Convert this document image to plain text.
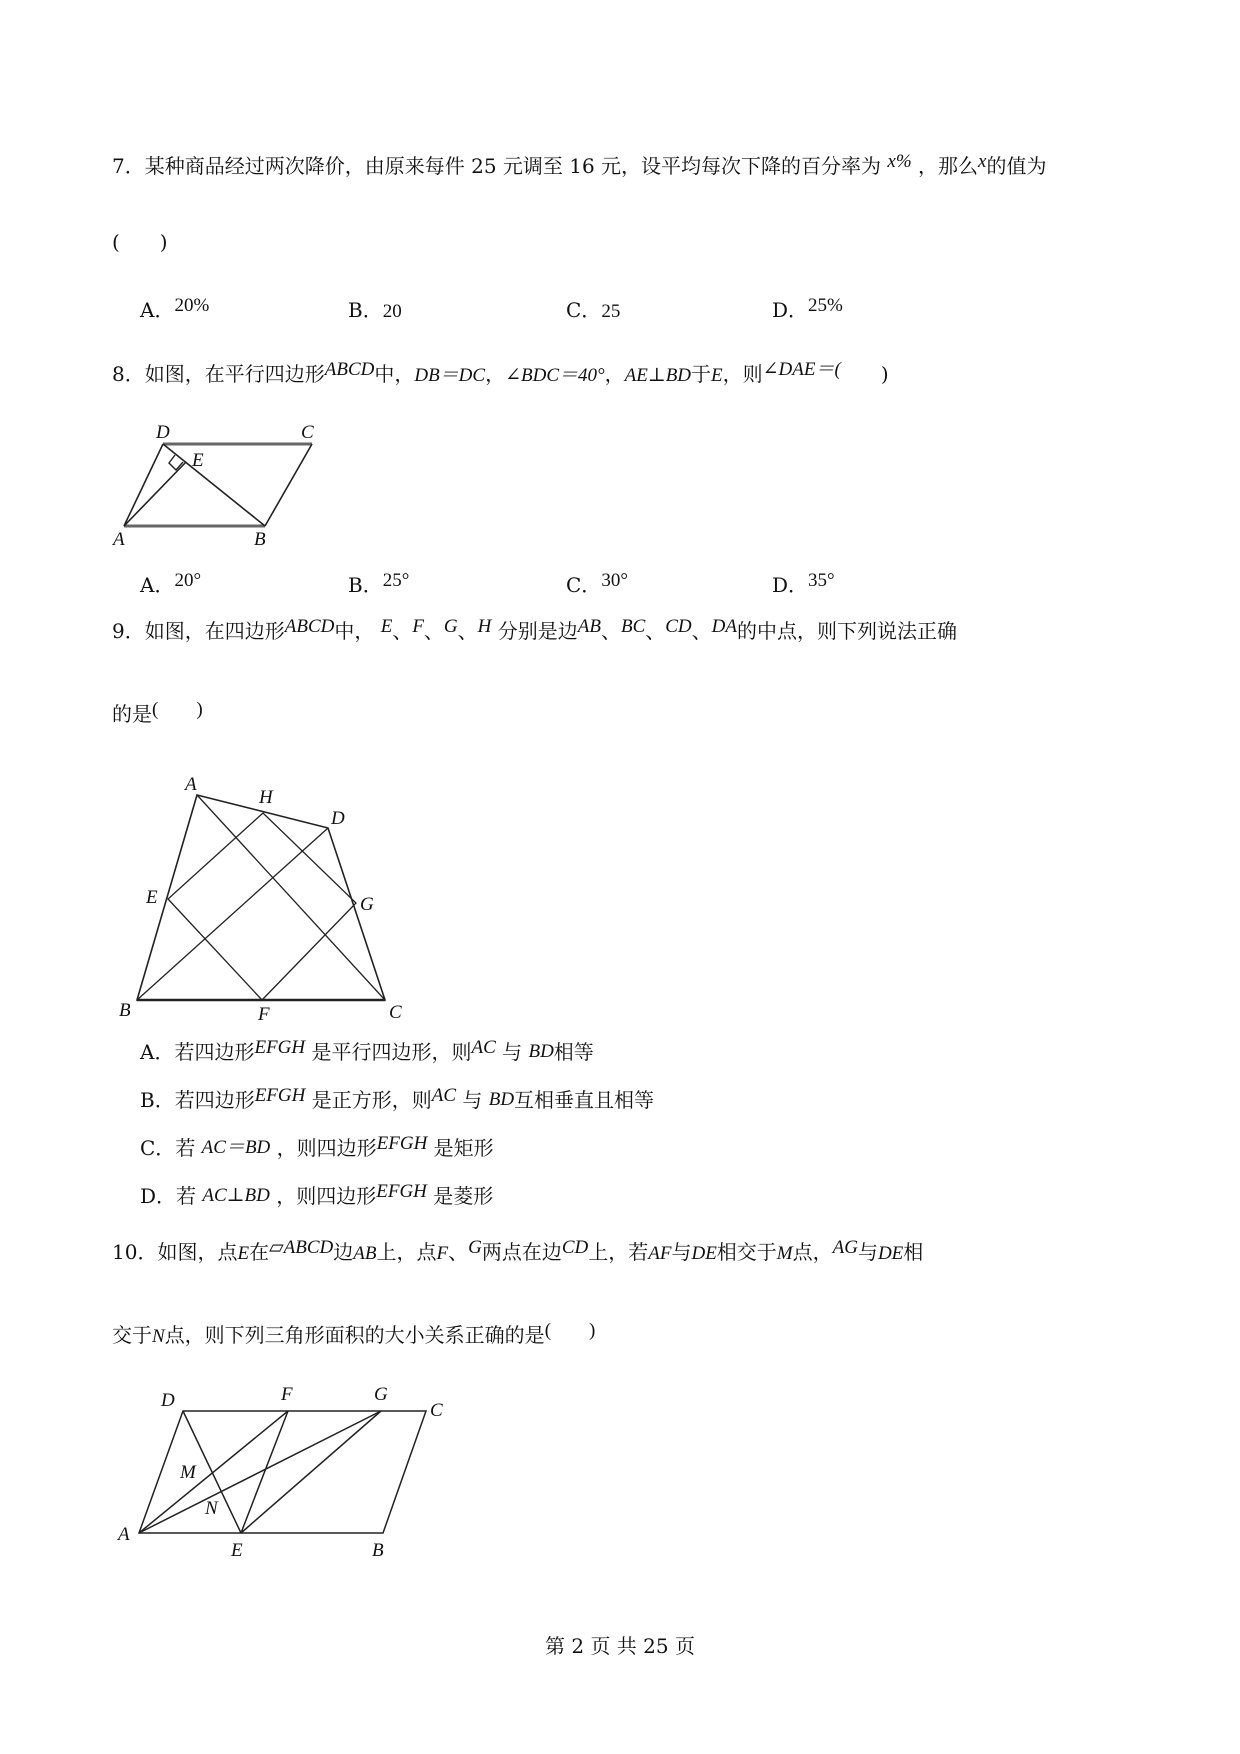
7．某种商品经过两次降价，由原来每件 25 元调至 16 元，设平均每次下降的百分率为 x% ，那么x的值为
(　　)
A．20%	B．20	C．25	D．25%
8．如图，在平行四边形ABCD中，DB＝DC，∠BDC＝40°，AE⊥BD于E，则∠DAE＝(　　)
D	C
E
A	B
A
H
D
E	G
B	F	C
D	F	G
C
M
N
A
E	B
A．20°	B．25°	C．30°	D．35°
9．如图，在四边形ABCD中， E、F、G、H 分别是边AB、BC、CD、DA的中点，则下列说法正确
的是(　　)
A．若四边形EFGH 是平行四边形，则AC 与 BD相等
B．若四边形EFGH 是正方形，则AC 与 BD互相垂直且相等
C．若 AC＝BD ，则四边形EFGH 是矩形
D．若 AC⊥BD ，则四边形EFGH 是菱形
10．如图，点E在▱ABCD边AB上，点F、G两点在边CD上，若AF与DE相交于M点，AG与DE相
交于N点，则下列三角形面积的大小关系正确的是(　　)
第 2 页 共 25 页
